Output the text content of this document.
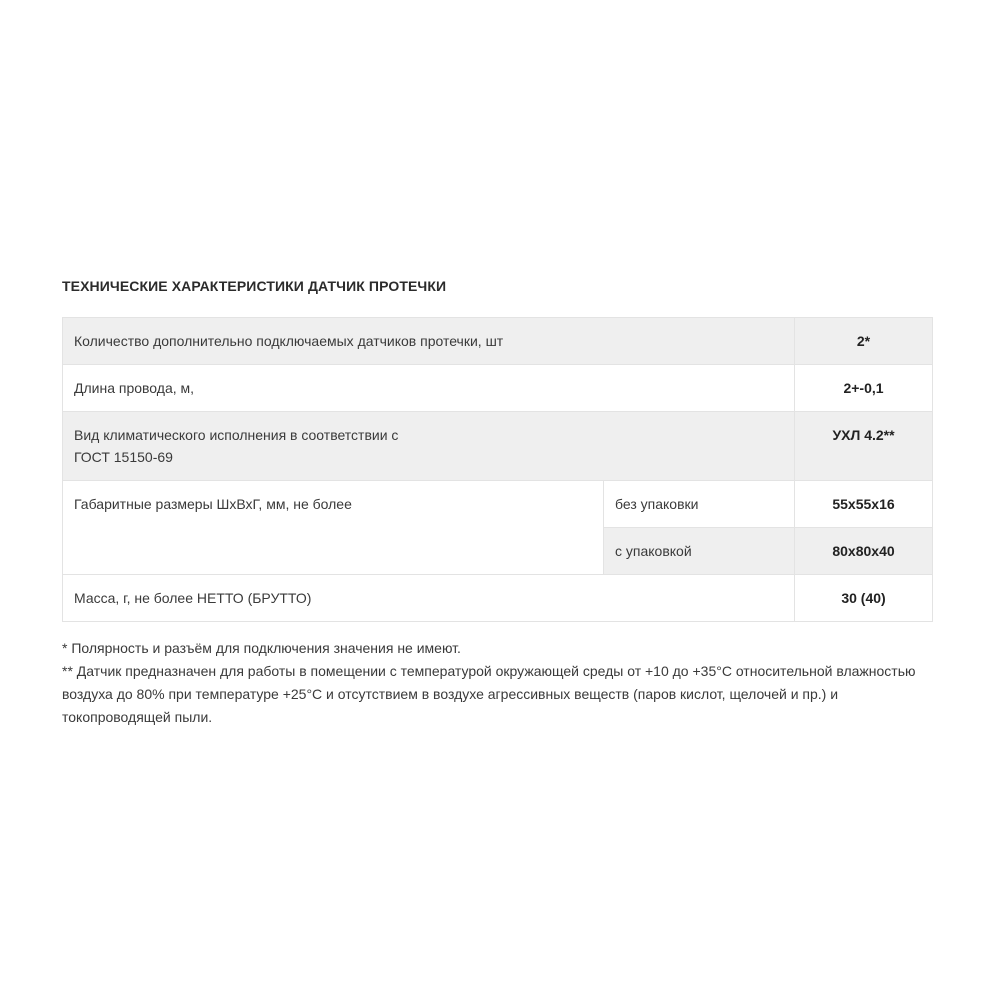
ТЕХНИЧЕСКИЕ ХАРАКТЕРИСТИКИ ДАТЧИК ПРОТЕЧКИ
Количество дополнительно подключаемых датчиков протечки, шт		2*
Длина провода, м,		2+-0,1

Вид климатического исполнения в соответствии с
ГОСТ 15150-69		УХЛ 4.2**
Габаритные размеры ШхВхГ, мм, не более	без упаковки	55x55x16
	с упаковкой	80x80x40
Масса, г, не более НЕТТО (БРУТТО)		30 (40)

* Полярность и разъём для подключения значения не имеют.

** Датчик предназначен для работы в помещении с температурой окружающей среды от +10 до +35°С относительной влажностью воздуха до 80% при температуре +25°С и отсутствием в воздухе агрессивных веществ (паров кислот, щелочей и пр.) и токопроводящей пыли.
